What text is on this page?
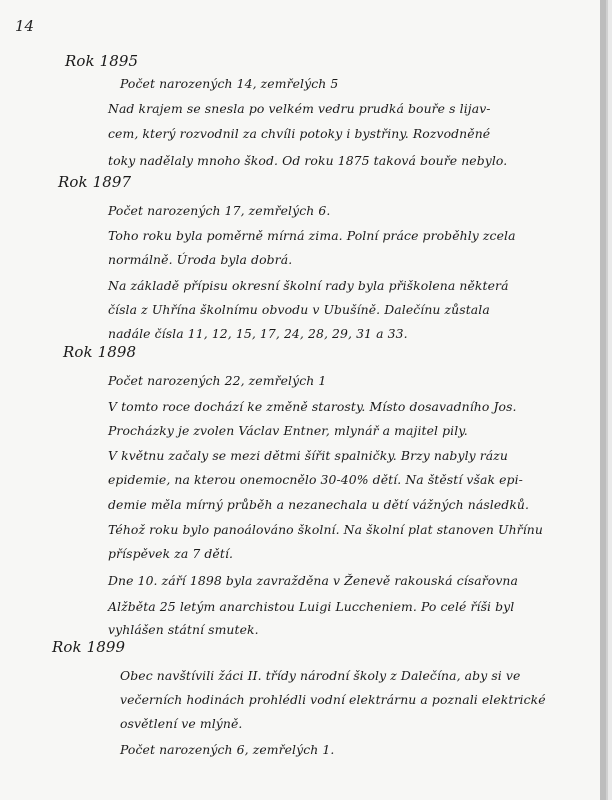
14
Rok 1895
Počet narozených 14, zemřelých 5
Nad krajem se snesla po velkém vedru prudká bouře s lijav-
cem, který rozvodnil za chvíli potoky i bystřiny. Rozvodněné
toky nadělaly mnoho škod. Od roku 1875 taková bouře nebylo.
Rok 1897
Počet narozených 17, zemřelých 6.
Toho roku byla poměrně mírná zima. Polní práce proběhly zcela
normálně. Úroda byla dobrá.
Na základě přípisu okresní školní rady byla přiškolena některá
čísla z Uhřína školnímu obvodu v Ubušíně. Dalečínu zůstala
nadále čísla 11, 12, 15, 17, 24, 28, 29, 31 a 33.
Rok 1898
Počet narozených 22, zemřelých 1
V tomto roce dochází ke změně starosty. Místo dosavadního Jos.
Procházky je zvolen Václav Entner, mlynář a majitel pily.
V květnu začaly se mezi dětmi šířit spalničky. Brzy nabyly rázu
epidemie, na kterou onemocnělo 30-40% dětí. Na štěstí však epi-
demie měla mírný průběh a nezanechala u dětí vážných následků.
Téhož roku bylo panoálováno školní. Na školní plat stanoven Uhřínu
příspěvek za 7 dětí.
Dne 10. září 1898 byla zavražděna v Ženevě rakouská císařovna
Alžběta 25 letým anarchistou Luigi Luccheniem. Po celé říši byl
vyhlášen státní smutek.
Rok 1899
Obec navštívili žáci II. třídy národní školy z Dalečína, aby si ve
večerních hodinách prohlédli vodní elektrárnu a poznali elektrické
osvětlení ve mlýně.
Počet narozených 6, zemřelých 1.
